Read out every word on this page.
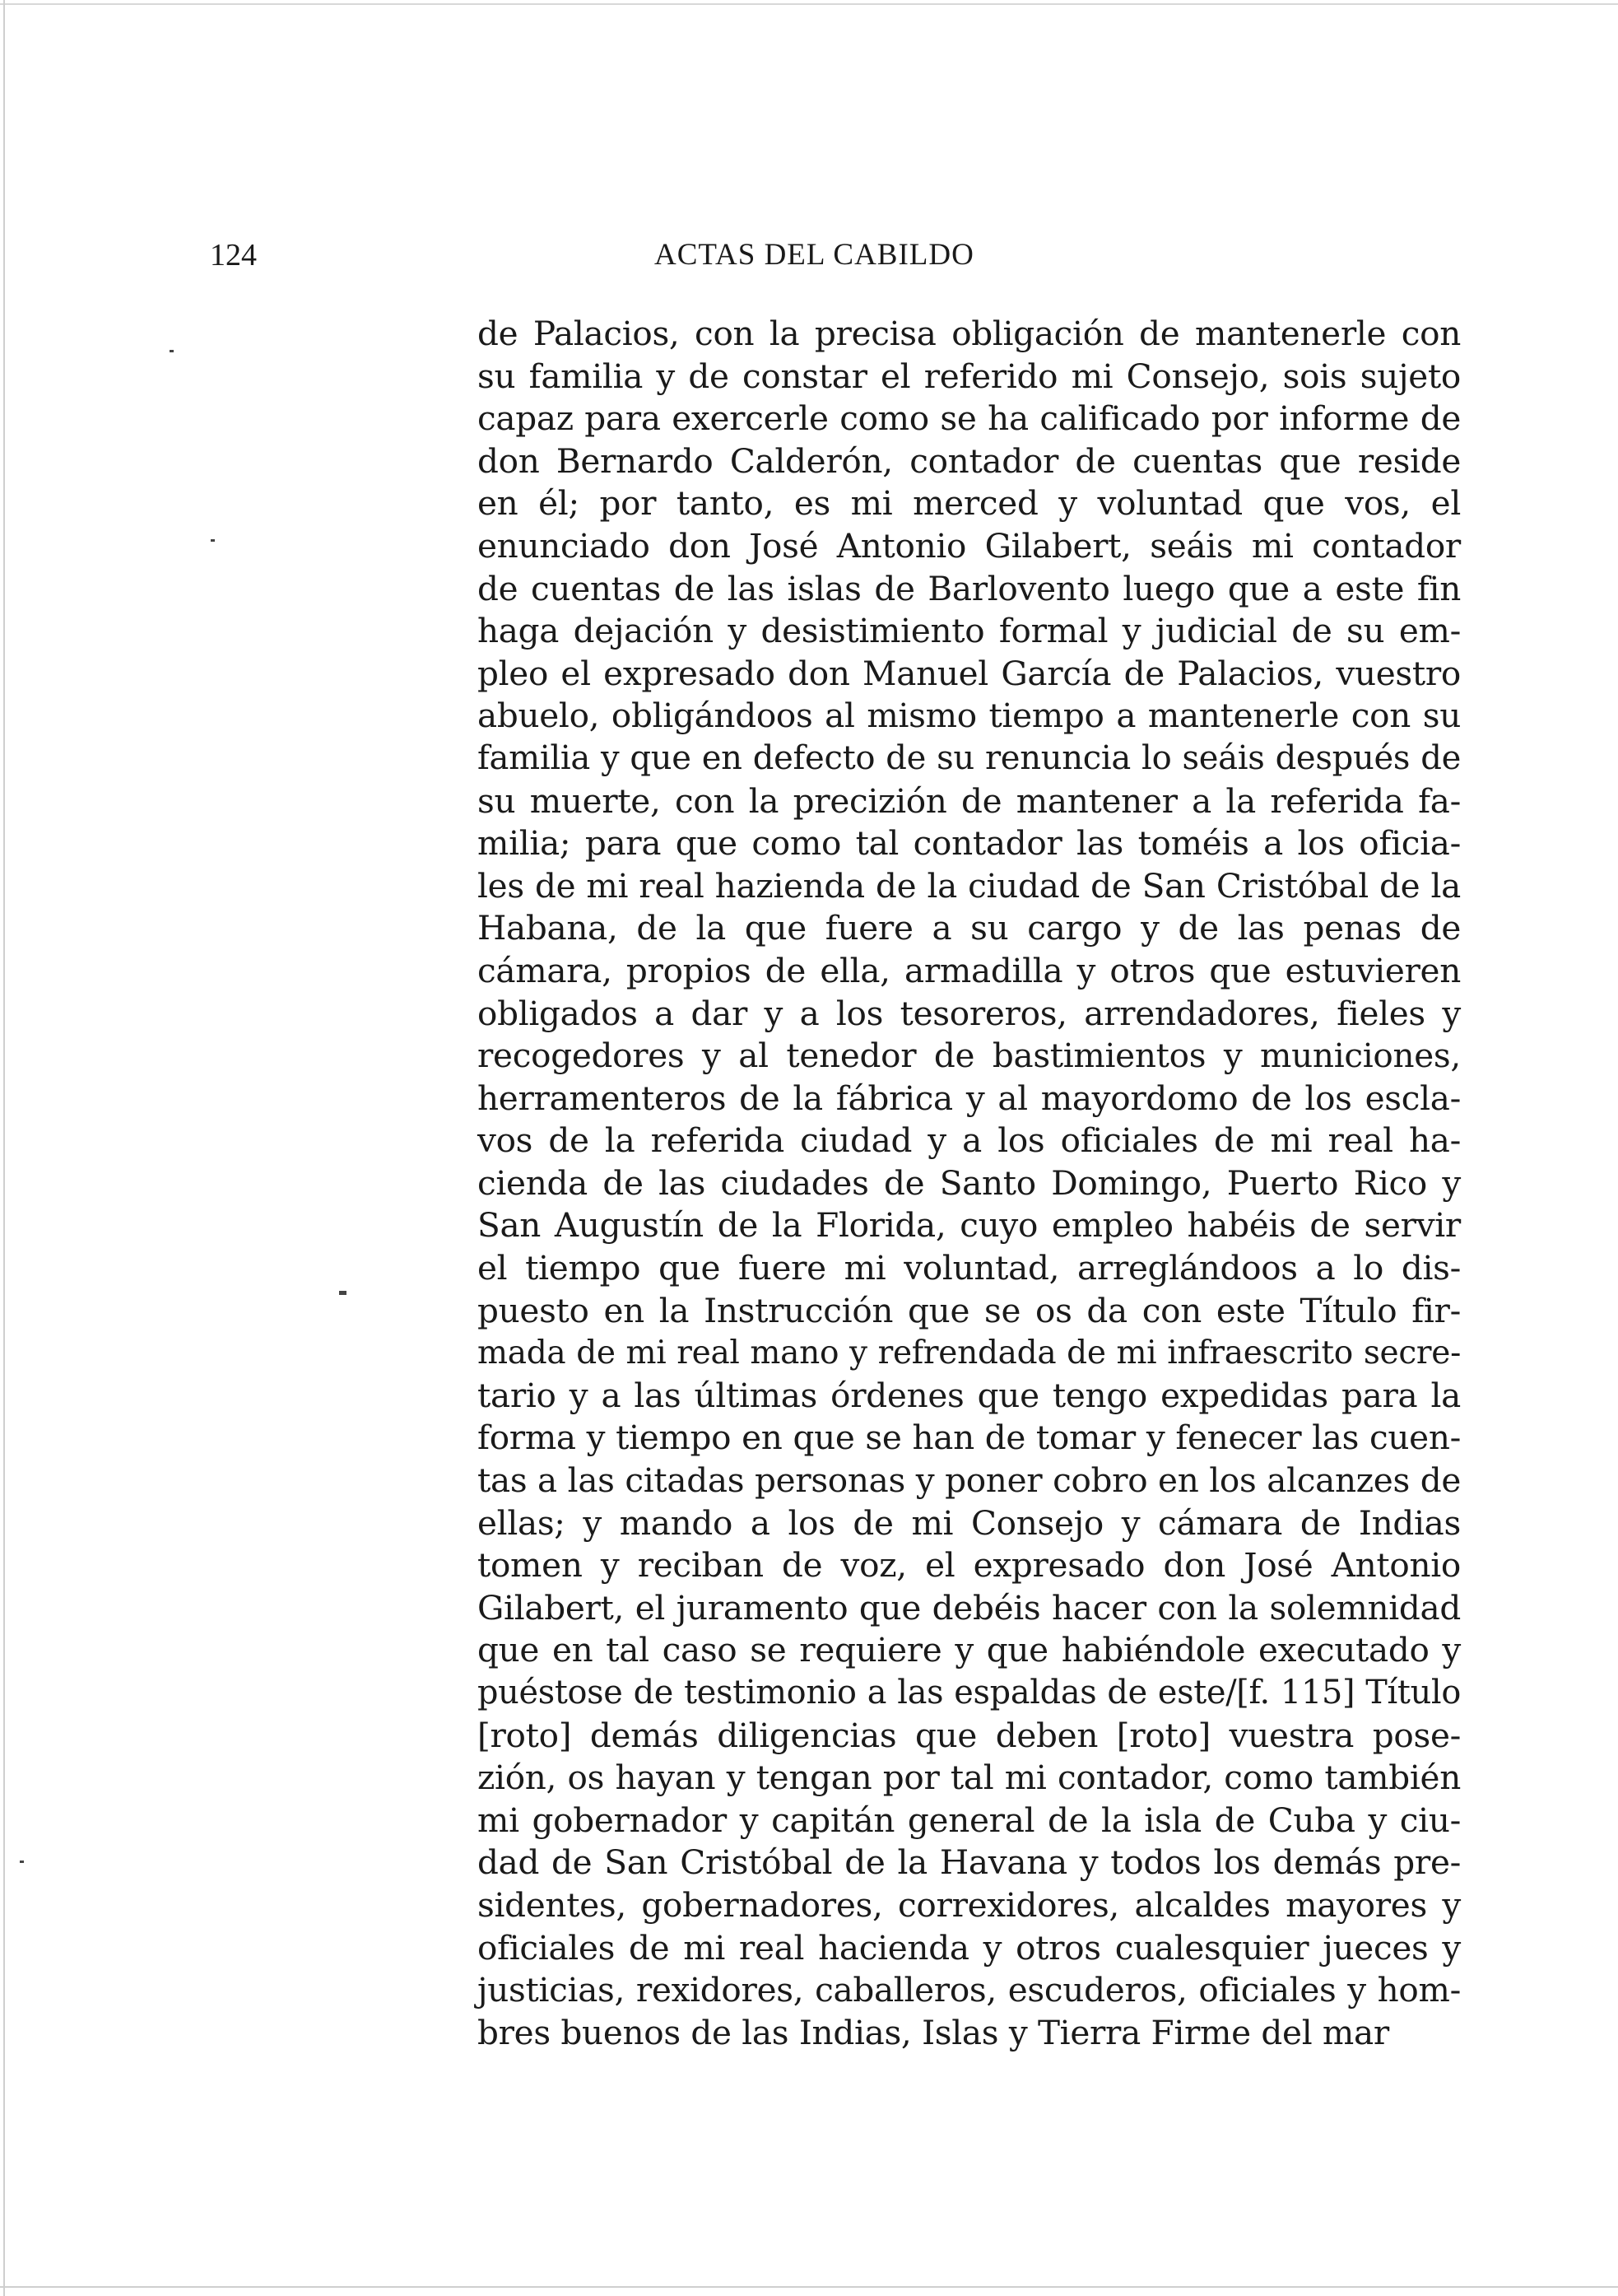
124	ACTAS DEL CABILDO
de Palacios, con la precisa obligación de mantenerle con
su familia y de constar el referido mi Consejo, sois sujeto
capaz para exercerle como se ha calificado por informe de
don Bernardo Calderón, contador de cuentas que reside
en él; por tanto, es mi merced y voluntad que vos, el
enunciado don José Antonio Gilabert, seáis mi contador
de cuentas de las islas de Barlovento luego que a este fin
haga dejación y desistimiento formal y judicial de su em-
pleo el expresado don Manuel García de Palacios, vuestro
abuelo, obligándoos al mismo tiempo a mantenerle con su
familia y que en defecto de su renuncia lo seáis después de
su muerte, con la precizión de mantener a la referida fa-
milia; para que como tal contador las toméis a los oficia-
les de mi real hazienda de la ciudad de San Cristóbal de la
Habana, de la que fuere a su cargo y de las penas de
cámara, propios de ella, armadilla y otros que estuvieren
obligados a dar y a los tesoreros, arrendadores, fieles y
recogedores y al tenedor de bastimientos y municiones,
herramenteros de la fábrica y al mayordomo de los escla-
vos de la referida ciudad y a los oficiales de mi real ha-
cienda de las ciudades de Santo Domingo, Puerto Rico y
San Augustín de la Florida, cuyo empleo habéis de servir
el tiempo que fuere mi voluntad, arreglándoos a lo dis-
puesto en la Instrucción que se os da con este Título fir-
mada de mi real mano y refrendada de mi infraescrito secre-
tario y a las últimas órdenes que tengo expedidas para la
forma y tiempo en que se han de tomar y fenecer las cuen-
tas a las citadas personas y poner cobro en los alcanzes de
ellas; y mando a los de mi Consejo y cámara de Indias
tomen y reciban de voz, el expresado don José Antonio
Gilabert, el juramento que debéis hacer con la solemnidad
que en tal caso se requiere y que habiéndole executado y
puéstose de testimonio a las espaldas de este/[f. 115] Título
[roto] demás diligencias que deben [roto] vuestra pose-
zión, os hayan y tengan por tal mi contador, como también
mi gobernador y capitán general de la isla de Cuba y ciu-
dad de San Cristóbal de la Havana y todos los demás pre-
sidentes, gobernadores, correxidores, alcaldes mayores y
oficiales de mi real hacienda y otros cualesquier jueces y
justicias, rexidores, caballeros, escuderos, oficiales y hom-
bres buenos de las Indias, Islas y Tierra Firme del mar
